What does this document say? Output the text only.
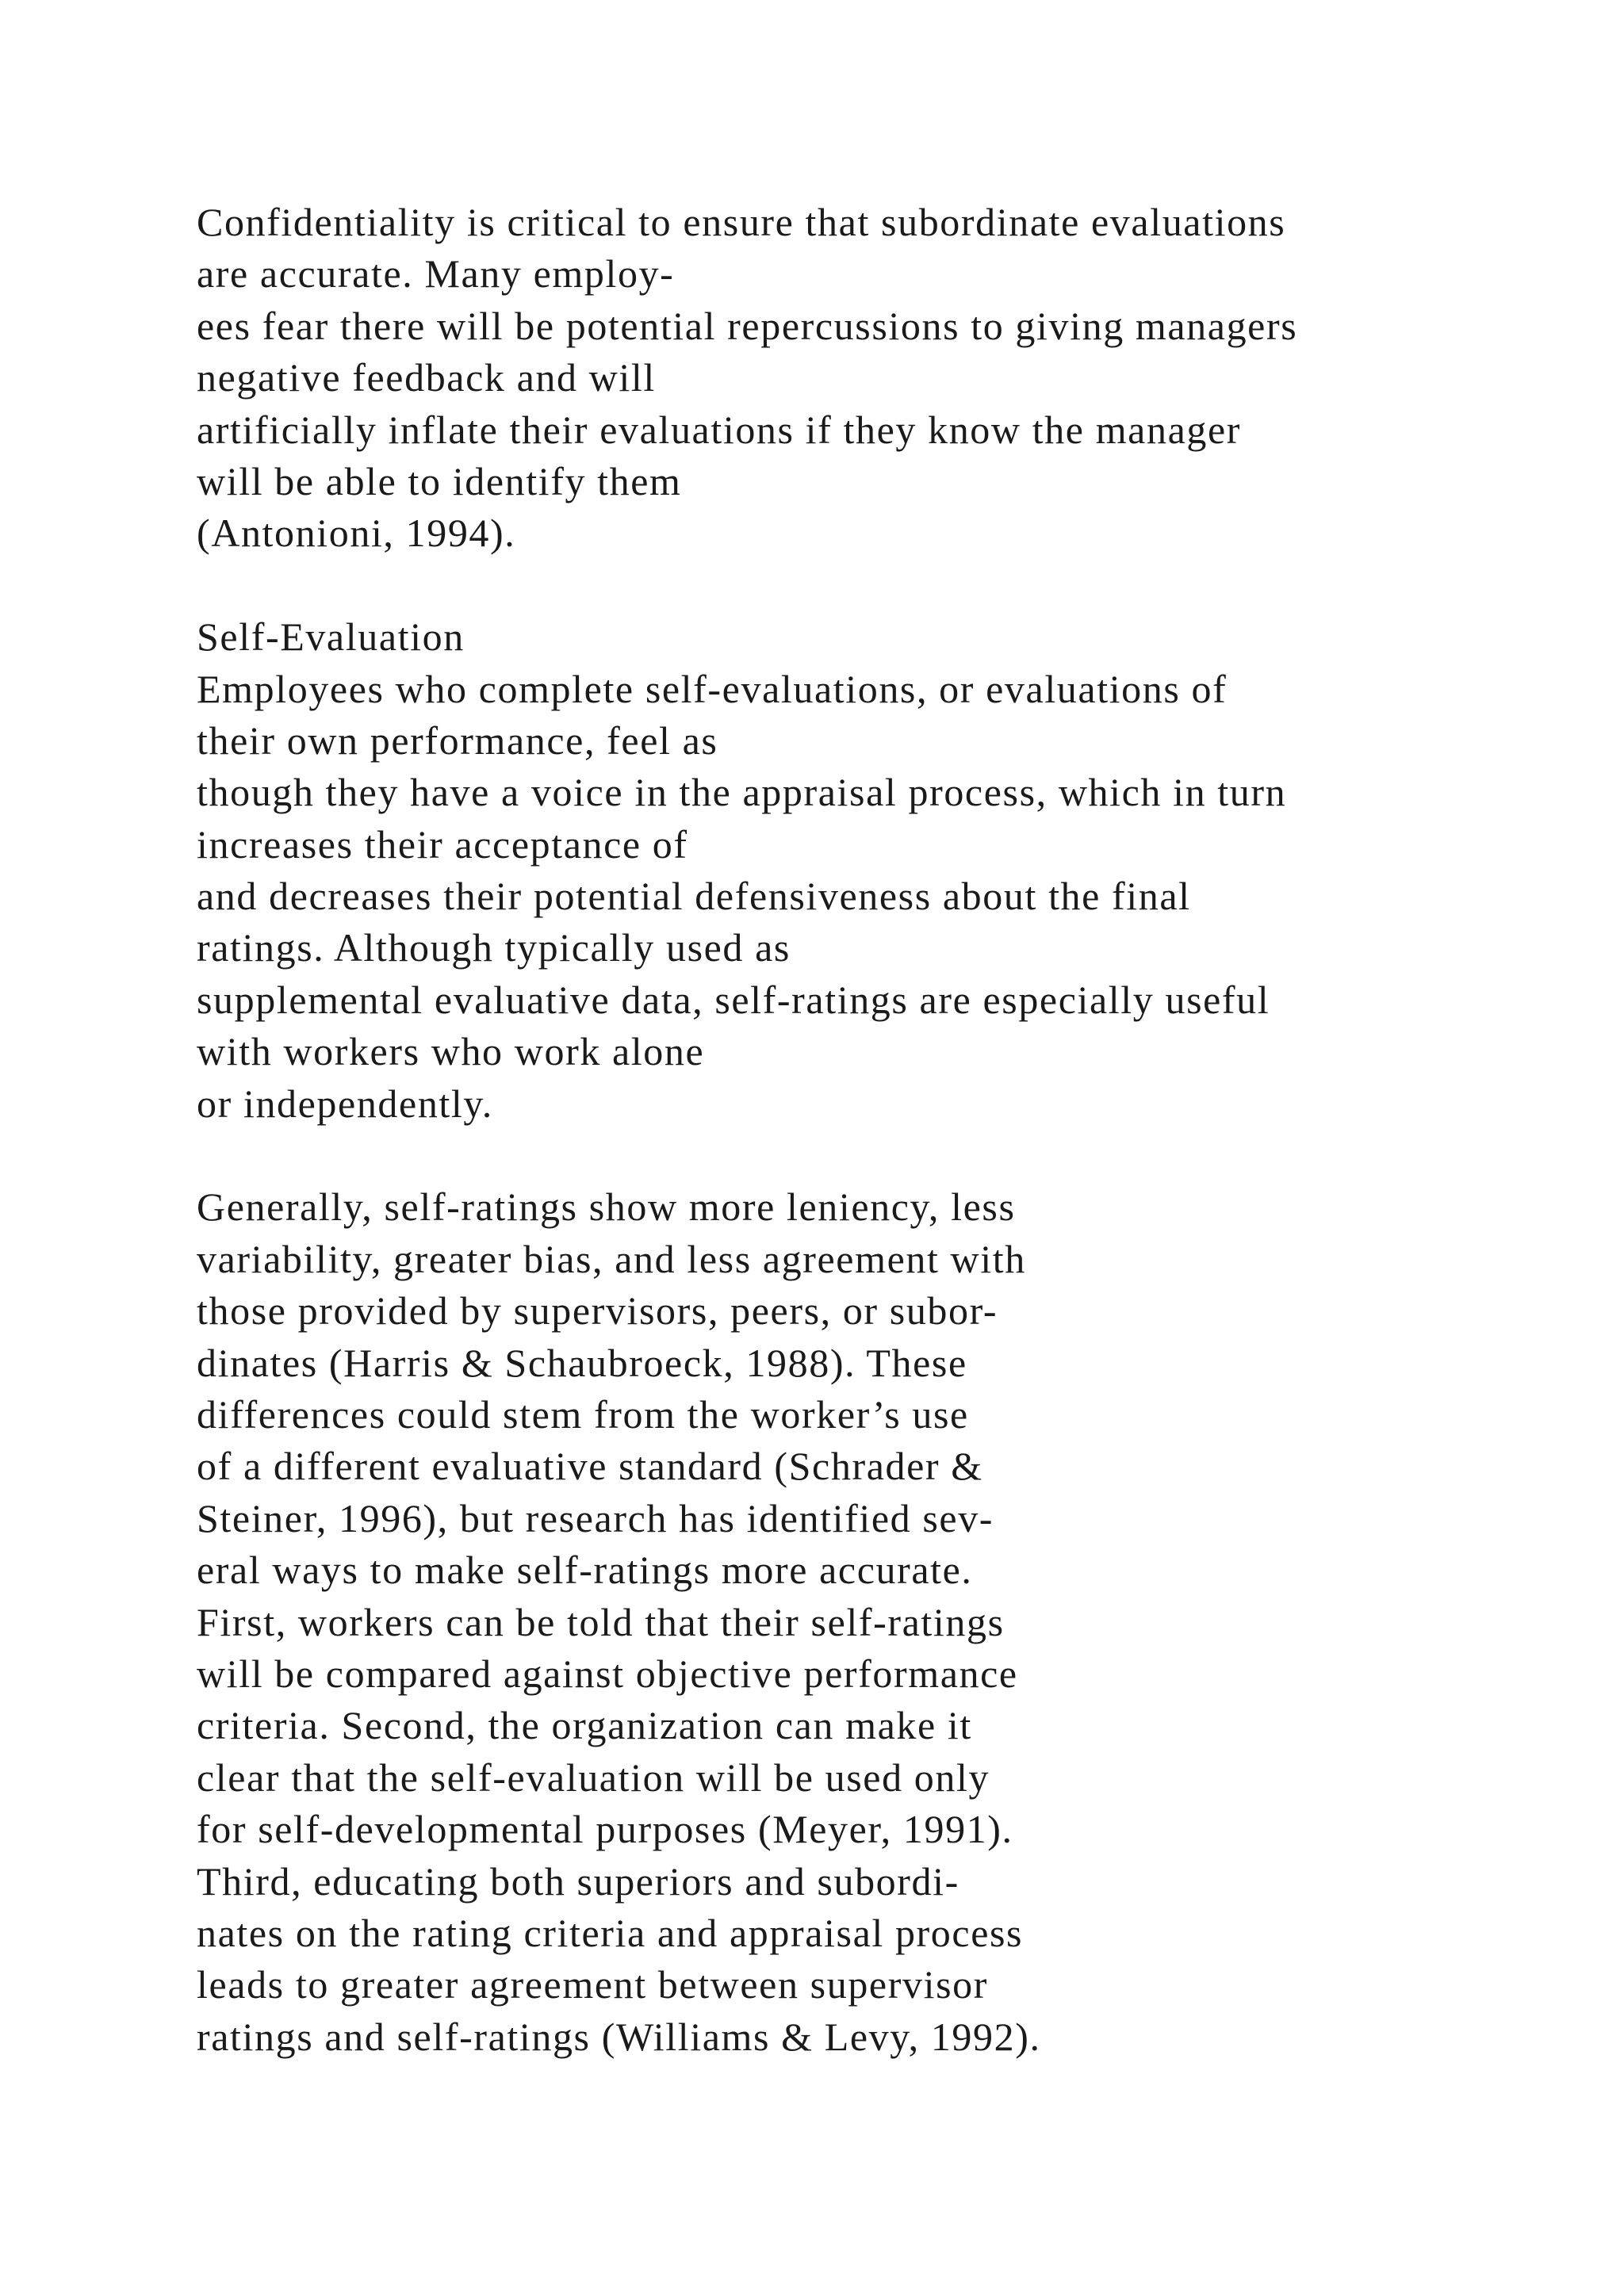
Confidentiality is critical to ensure that subordinate evaluations
are accurate. Many employ-
ees fear there will be potential repercussions to giving managers
negative feedback and will
artificially inflate their evaluations if they know the manager
will be able to identify them
(Antonioni, 1994).
Self-Evaluation
Employees who complete self-evaluations, or evaluations of
their own performance, feel as
though they have a voice in the appraisal process, which in turn
increases their acceptance of
and decreases their potential defensiveness about the final
ratings. Although typically used as
supplemental evaluative data, self-ratings are especially useful
with workers who work alone
or independently.
Generally, self-ratings show more leniency, less
variability, greater bias, and less agreement with
those provided by supervisors, peers, or subor-
dinates (Harris & Schaubroeck, 1988). These
differences could stem from the worker’s use
of a different evaluative standard (Schrader &
Steiner, 1996), but research has identified sev-
eral ways to make self-ratings more accurate.
First, workers can be told that their self-ratings
will be compared against objective performance
criteria. Second, the organization can make it
clear that the self-evaluation will be used only
for self-developmental purposes (Meyer, 1991).
Third, educating both superiors and subordi-
nates on the rating criteria and appraisal process
leads to greater agreement between supervisor
ratings and self-ratings (Williams & Levy, 1992).
